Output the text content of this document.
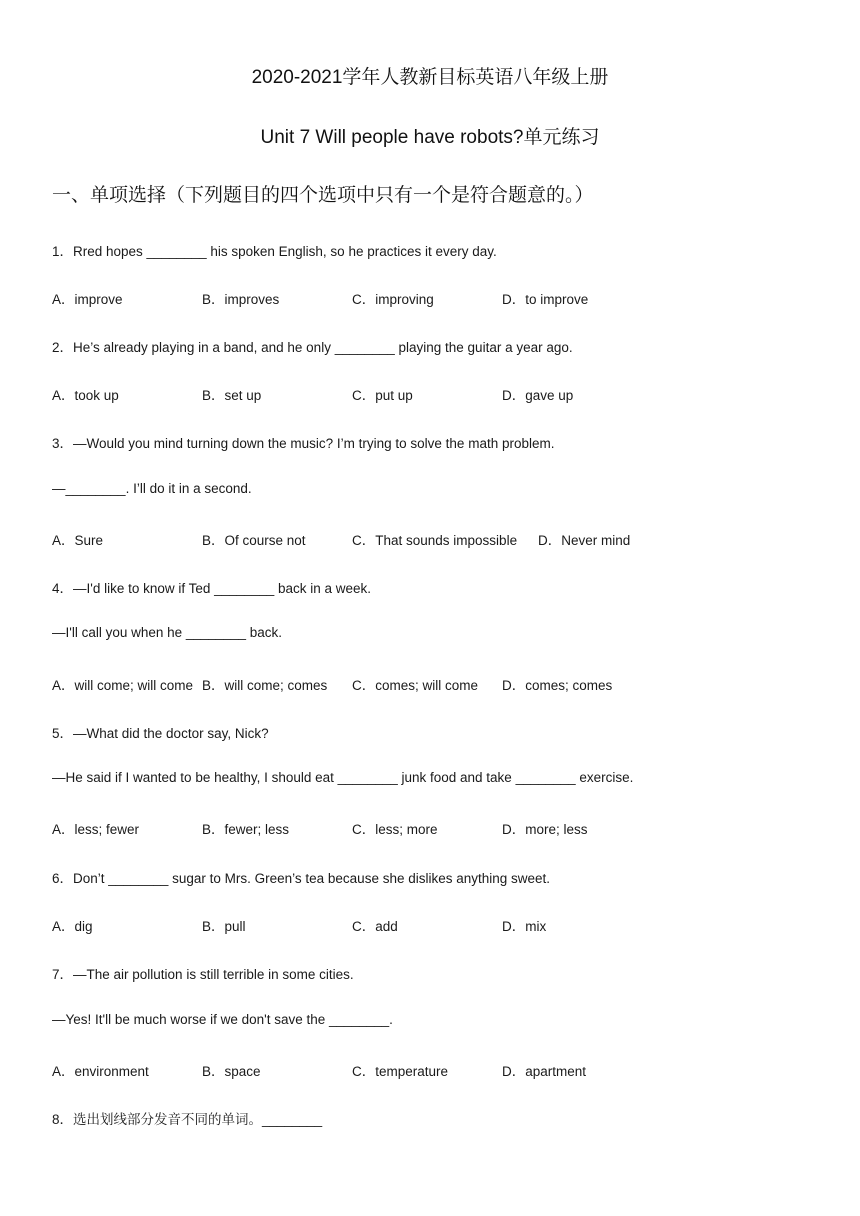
2020-2021学年人教新目标英语八年级上册
Unit 7 Will people have robots?单元练习
一、单项选择（下列题目的四个选项中只有一个是符合题意的。）
1．Rred hopes ________ his spoken English, so he practices it every day.
A．improve	B．improves	C．improving	D．to improve
2．He’s already playing in a band, and he only ________ playing the guitar a year ago.
A．took up	B．set up	C．put up	D．gave up
3．—Would you mind turning down the music? I’m trying to solve the math problem.
—________. I’ll do it in a second.
A．Sure	B．Of course not	C．That sounds impossible D．Never mind
4．—I'd like to know if Ted ________ back in a week.
—I'll call you when he ________ back.
A．will come; will come B．will come; comes C．comes; will come D．comes; comes
5．—What did the doctor say, Nick?
—He said if I wanted to be healthy, I should eat ________ junk food and take ________ exercise.
A．less; fewer	B．fewer; less	C．less; more	D．more; less
6．Don’t ________ sugar to Mrs. Green’s tea because she dislikes anything sweet.
A．dig	B．pull	C．add	D．mix
7．—The air pollution is still terrible in some cities.
—Yes! It'll be much worse if we don't save the ________.
A．environment	B．space	C．temperature	D．apartment
8．选出划线部分发音不同的单词。________
